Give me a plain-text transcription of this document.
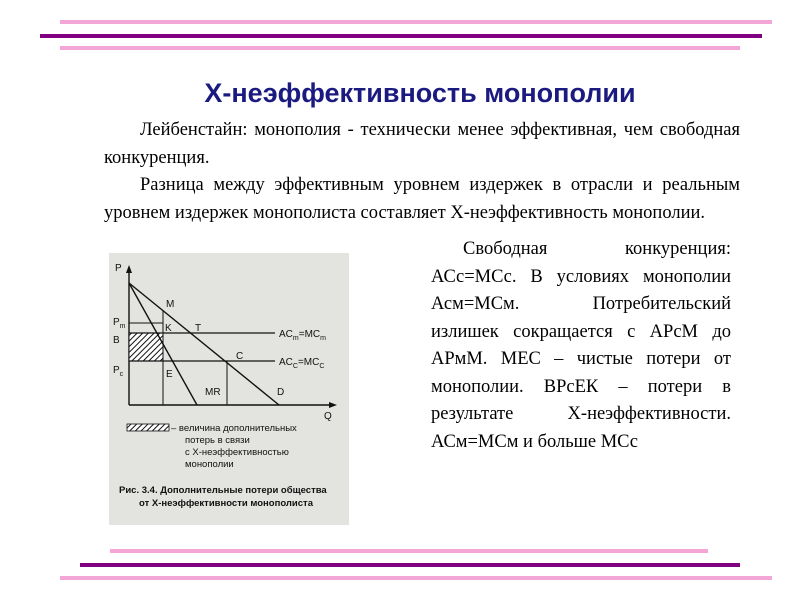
Х-неэффективность монополии
Лейбенстайн: монополия - технически менее эффективная, чем свободная конкуренция.
Разница между эффективным уровнем издержек в отрасли и реальным уровнем издержек монополиста составляет Х-неэффективность монополии.
P
Q
$P_m$
B
$P_c$
M
K T
C
E
MR	D
$AC_m=MC_m$
$AC_C=MC_C$
– величина дополнительных
потерь в связи
с Х-неэффективностью
монополии
Рис. 3.4. Дополнительные потери общества
от Х-неэффективности монополиста
Свободная конкуренция: АСс=МСс. В условиях монополии Асм=МСм. Потребительский излишек сокращается с АРсМ до АРмМ. МЕС – чистые потери от монополии. ВРсЕК – потери в результате Х-неэффективности. АСм=МСм и больше МСс
